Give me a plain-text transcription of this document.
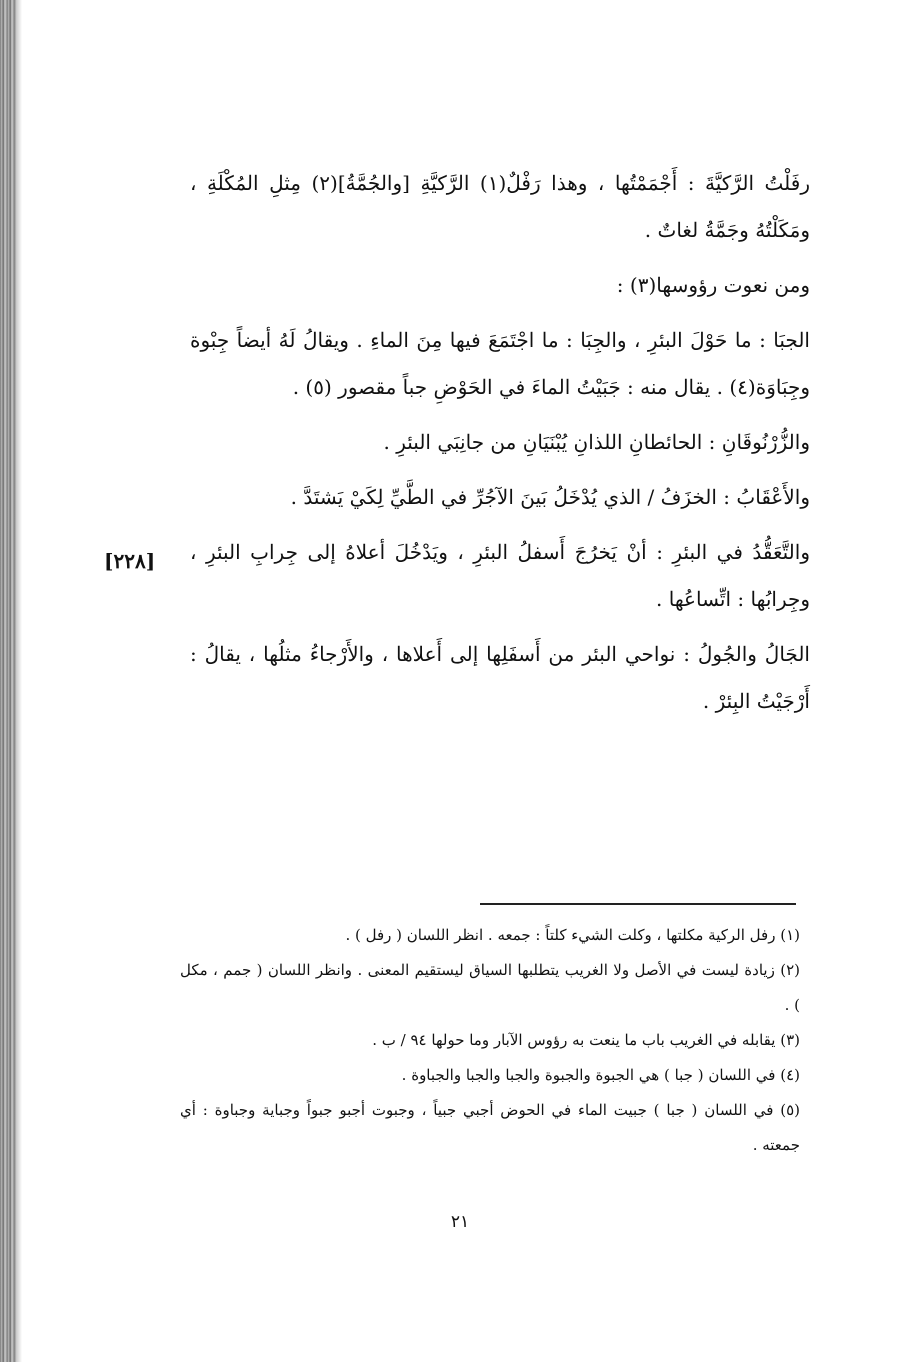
رفَلْتُ الرَّكيَّةَ : أَجْمَمْتُها ، وهذا رَفْلٌ(١) الرَّكيَّةِ [والجُمَّةُ](٢) مِثلِ المُكْلَةِ ، ومَكَلْتُهُ وجَمَّةُ لغاتٌ .

ومن نعوت رؤوسها(٣) :

الجبَا : ما حَوْلَ البئرِ ، والجِبَا : ما اجْتَمَعَ فيها مِنَ الماءِ . ويقالُ لَهُ أيضاً جِبْوة وجِبَاوَة(٤) . يقال منه : جَبَيْتُ الماءَ في الحَوْضِ جباً مقصور (٥) .

والزُّرْنُوقَانِ : الحائطانِ اللذانِ يُبْنَيَانِ من جانِبَي البئرِ .

والأَعْقَابُ : الخزَفُ / الذي يُدْخَلُ بَينَ الآجُرِّ في الطَّيِّ لِكَيْ يَشتَدَّ .

والتَّعَقُّدُ في البئرِ : أنْ يَخرُجَ أَسفلُ البئرِ ، ويَدْخُلَ أعلاهُ إلى جِرابِ البئرِ ، وجِرابُها : اتِّساعُها .

الجَالُ والجُولُ : نواحي البئر من أَسفَلِها إلى أَعلاها ، والأَرْجاءُ مثلُها ، يقالُ : أَرْجَيْتُ البِئرْ .

[٢٢٨]

(١) رفل الركية مكلتها ، وكلت الشيء كلتاً : جمعه . انظر اللسان ( رفل ) .

(٢) زيادة ليست في الأصل ولا الغريب يتطلبها السياق ليستقيم المعنى . وانظر اللسان ( جمم ، مكل ) .

(٣) يقابله في الغريب باب ما ينعت به رؤوس الآبار وما حولها ٩٤ / ب .

(٤) في اللسان ( جبا ) هي الجبوة والجبوة والجبا والجبا والجباوة .

(٥) في اللسان ( جبا ) جبيت الماء في الحوض أجبي جبياً ، وجبوت أجبو جبواً وجباية وجباوة : أي جمعته .

٢١
